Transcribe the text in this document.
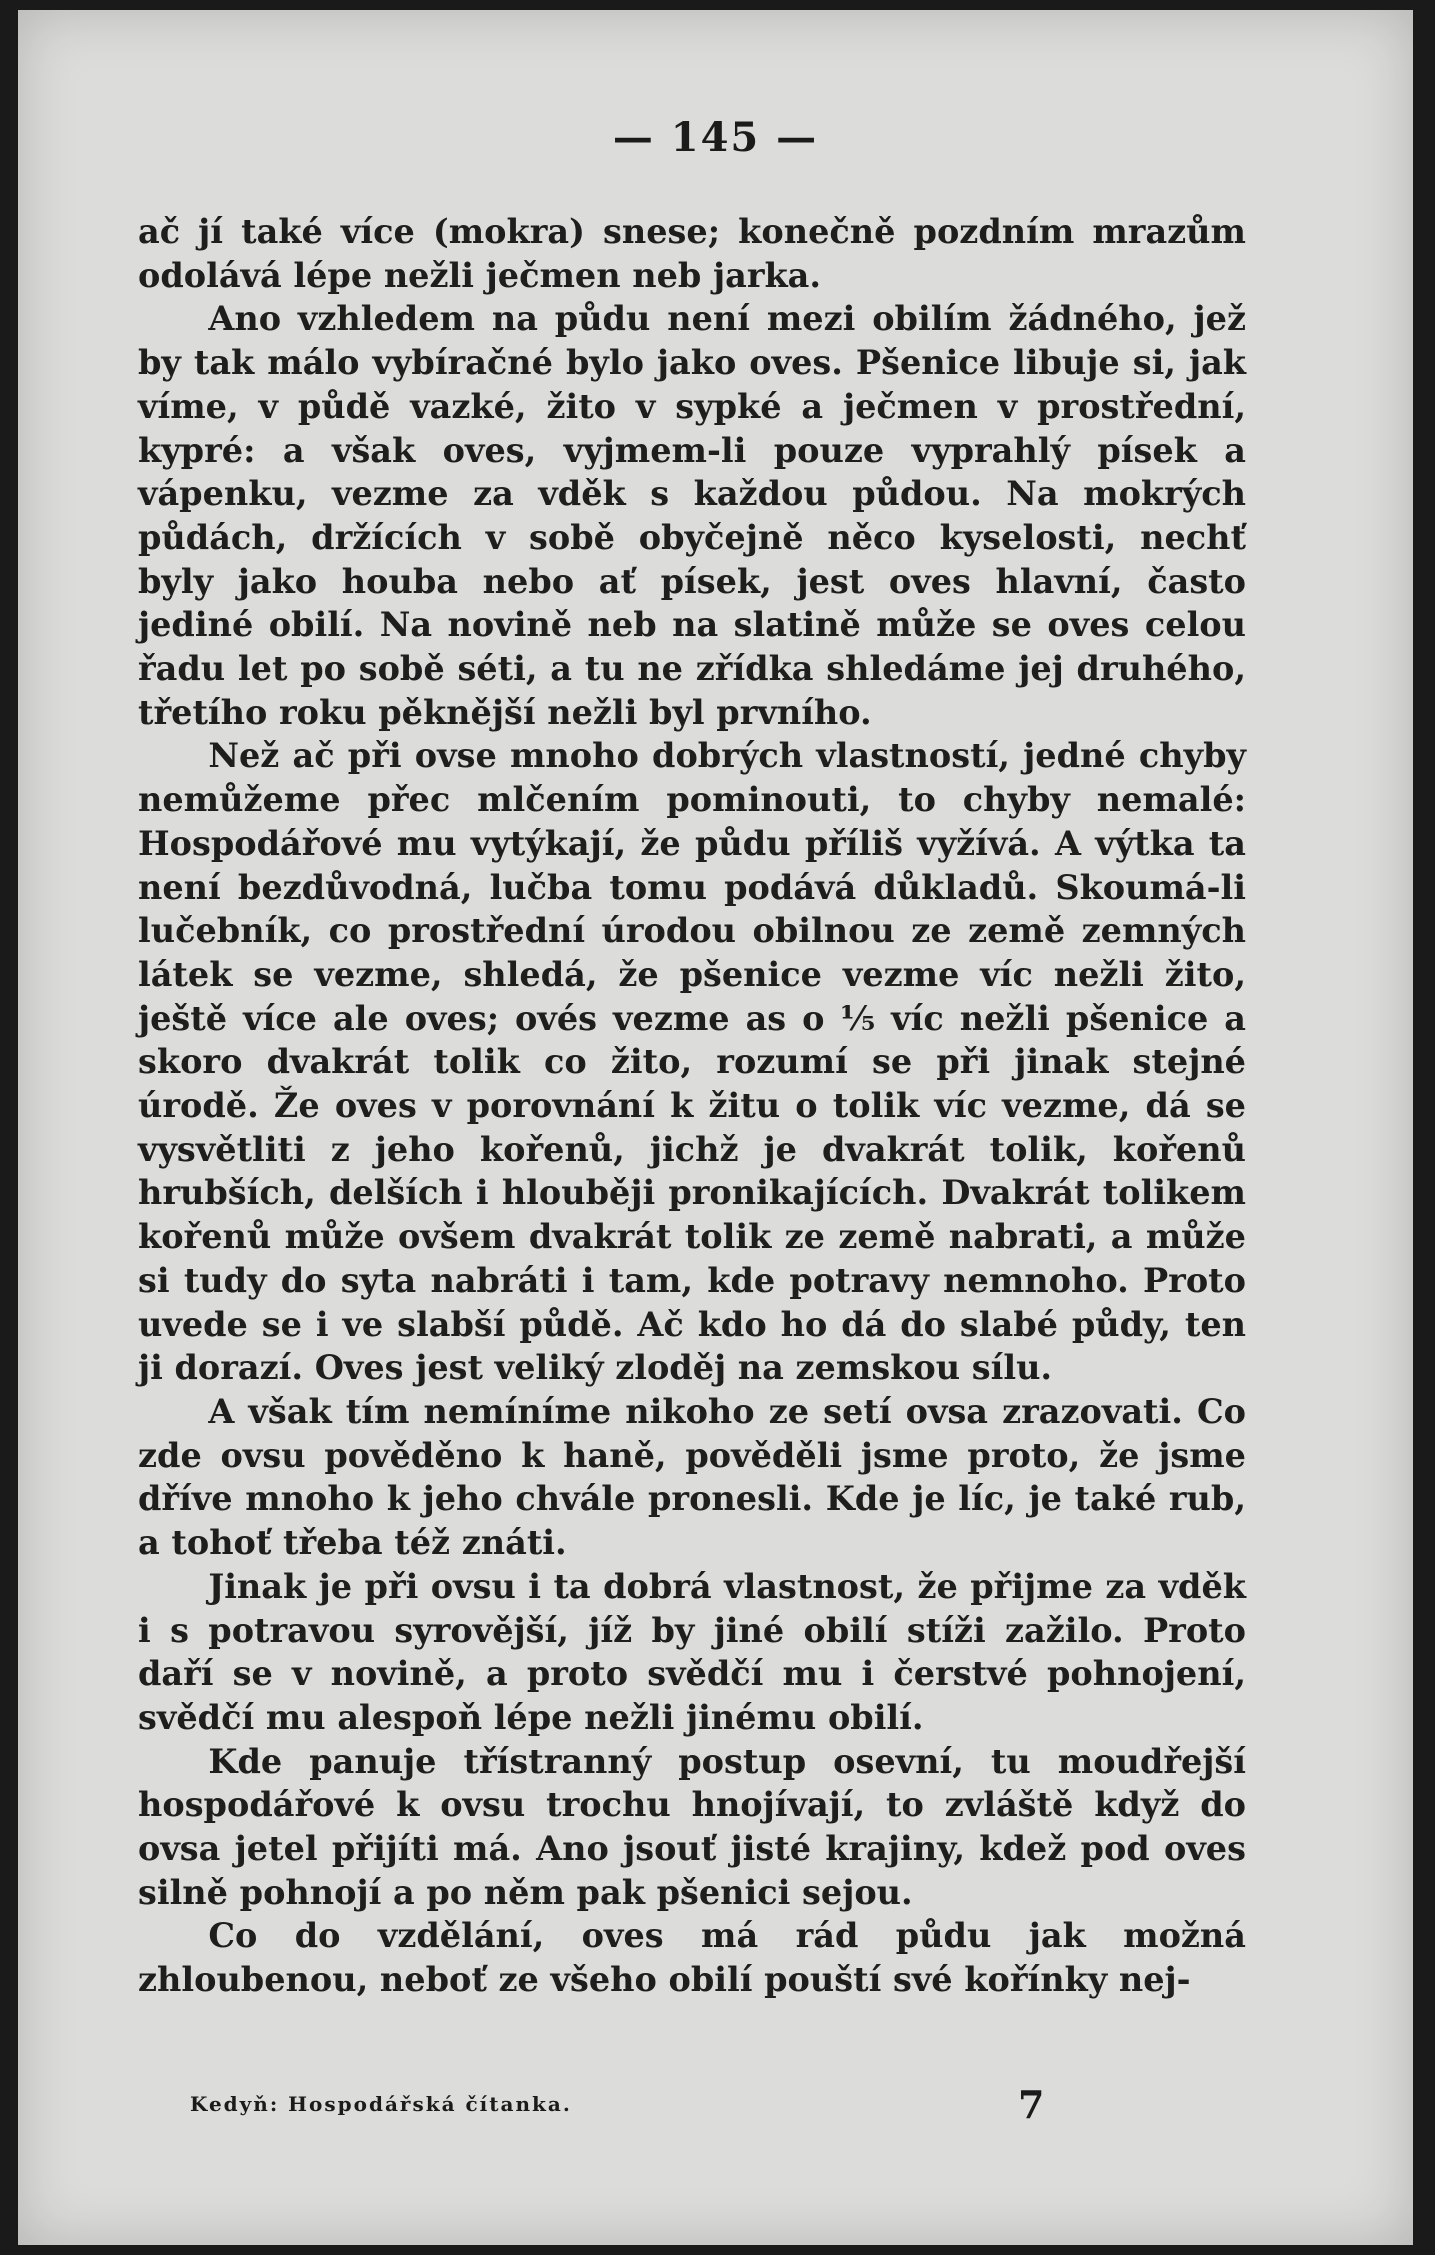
— 145 —

ač jí také více (mokra) snese; konečně pozdním mrazům odolává lépe nežli ječmen neb jarka.

Ano vzhledem na půdu není mezi obilím žádného, jež by tak málo vybíračné bylo jako oves. Pšenice libuje si, jak víme, v půdě vazké, žito v sypké a ječmen v prostřední, kypré: a však oves, vyjmem-li pouze vyprahlý písek a vápenku, vezme za vděk s každou půdou. Na mokrých půdách, držících v sobě obyčejně něco kyselosti, nechť byly jako houba nebo ať písek, jest oves hlavní, často jediné obilí. Na novině neb na slatině může se oves celou řadu let po sobě séti, a tu ne zřídka shledáme jej druhého, třetího roku pěknější nežli byl prvního.

Než ač při ovse mnoho dobrých vlastností, jedné chyby nemůžeme přec mlčením pominouti, to chyby nemalé: Hospodářové mu vytýkají, že půdu příliš vyžívá. A výtka ta není bezdůvodná, lučba tomu podává důkladů. Skoumá-li lučebník, co prostřední úrodou obilnou ze země zemných látek se vezme, shledá, že pšenice vezme víc nežli žito, ještě více ale oves; ovés vezme as o ⅕ víc nežli pšenice a skoro dvakrát tolik co žito, rozumí se při jinak stejné úrodě. Že oves v porovnání k žitu o tolik víc vezme, dá se vysvětliti z jeho kořenů, jichž je dvakrát tolik, kořenů hrubších, delších i hlouběji pronikajících. Dvakrát tolikem kořenů může ovšem dvakrát tolik ze země nabrati, a může si tudy do syta nabráti i tam, kde potravy nemnoho. Proto uvede se i ve slabší půdě. Ač kdo ho dá do slabé půdy, ten ji dorazí. Oves jest veliký zloděj na zemskou sílu.

A však tím nemíníme nikoho ze setí ovsa zrazovati. Co zde ovsu pověděno k haně, pověděli jsme proto, že jsme dříve mnoho k jeho chvále pronesli. Kde je líc, je také rub, a tohoť třeba též znáti.

Jinak je při ovsu i ta dobrá vlastnost, že přijme za vděk i s potravou syrovější, jíž by jiné obilí stíži zažilo. Proto daří se v novině, a proto svědčí mu i čerstvé pohnojení, svědčí mu alespoň lépe nežli jinému obilí.

Kde panuje třístranný postup osevní, tu moudřejší hospodářové k ovsu trochu hnojívají, to zvláště když do ovsa jetel přijíti má. Ano jsouť jisté krajiny, kdež pod oves silně pohnojí a po něm pak pšenici sejou.

Co do vzdělání, oves má rád půdu jak možná zhloubenou, neboť ze všeho obilí pouští své kořínky nej-

Kedyň: Hospodářská čítanka.	7
